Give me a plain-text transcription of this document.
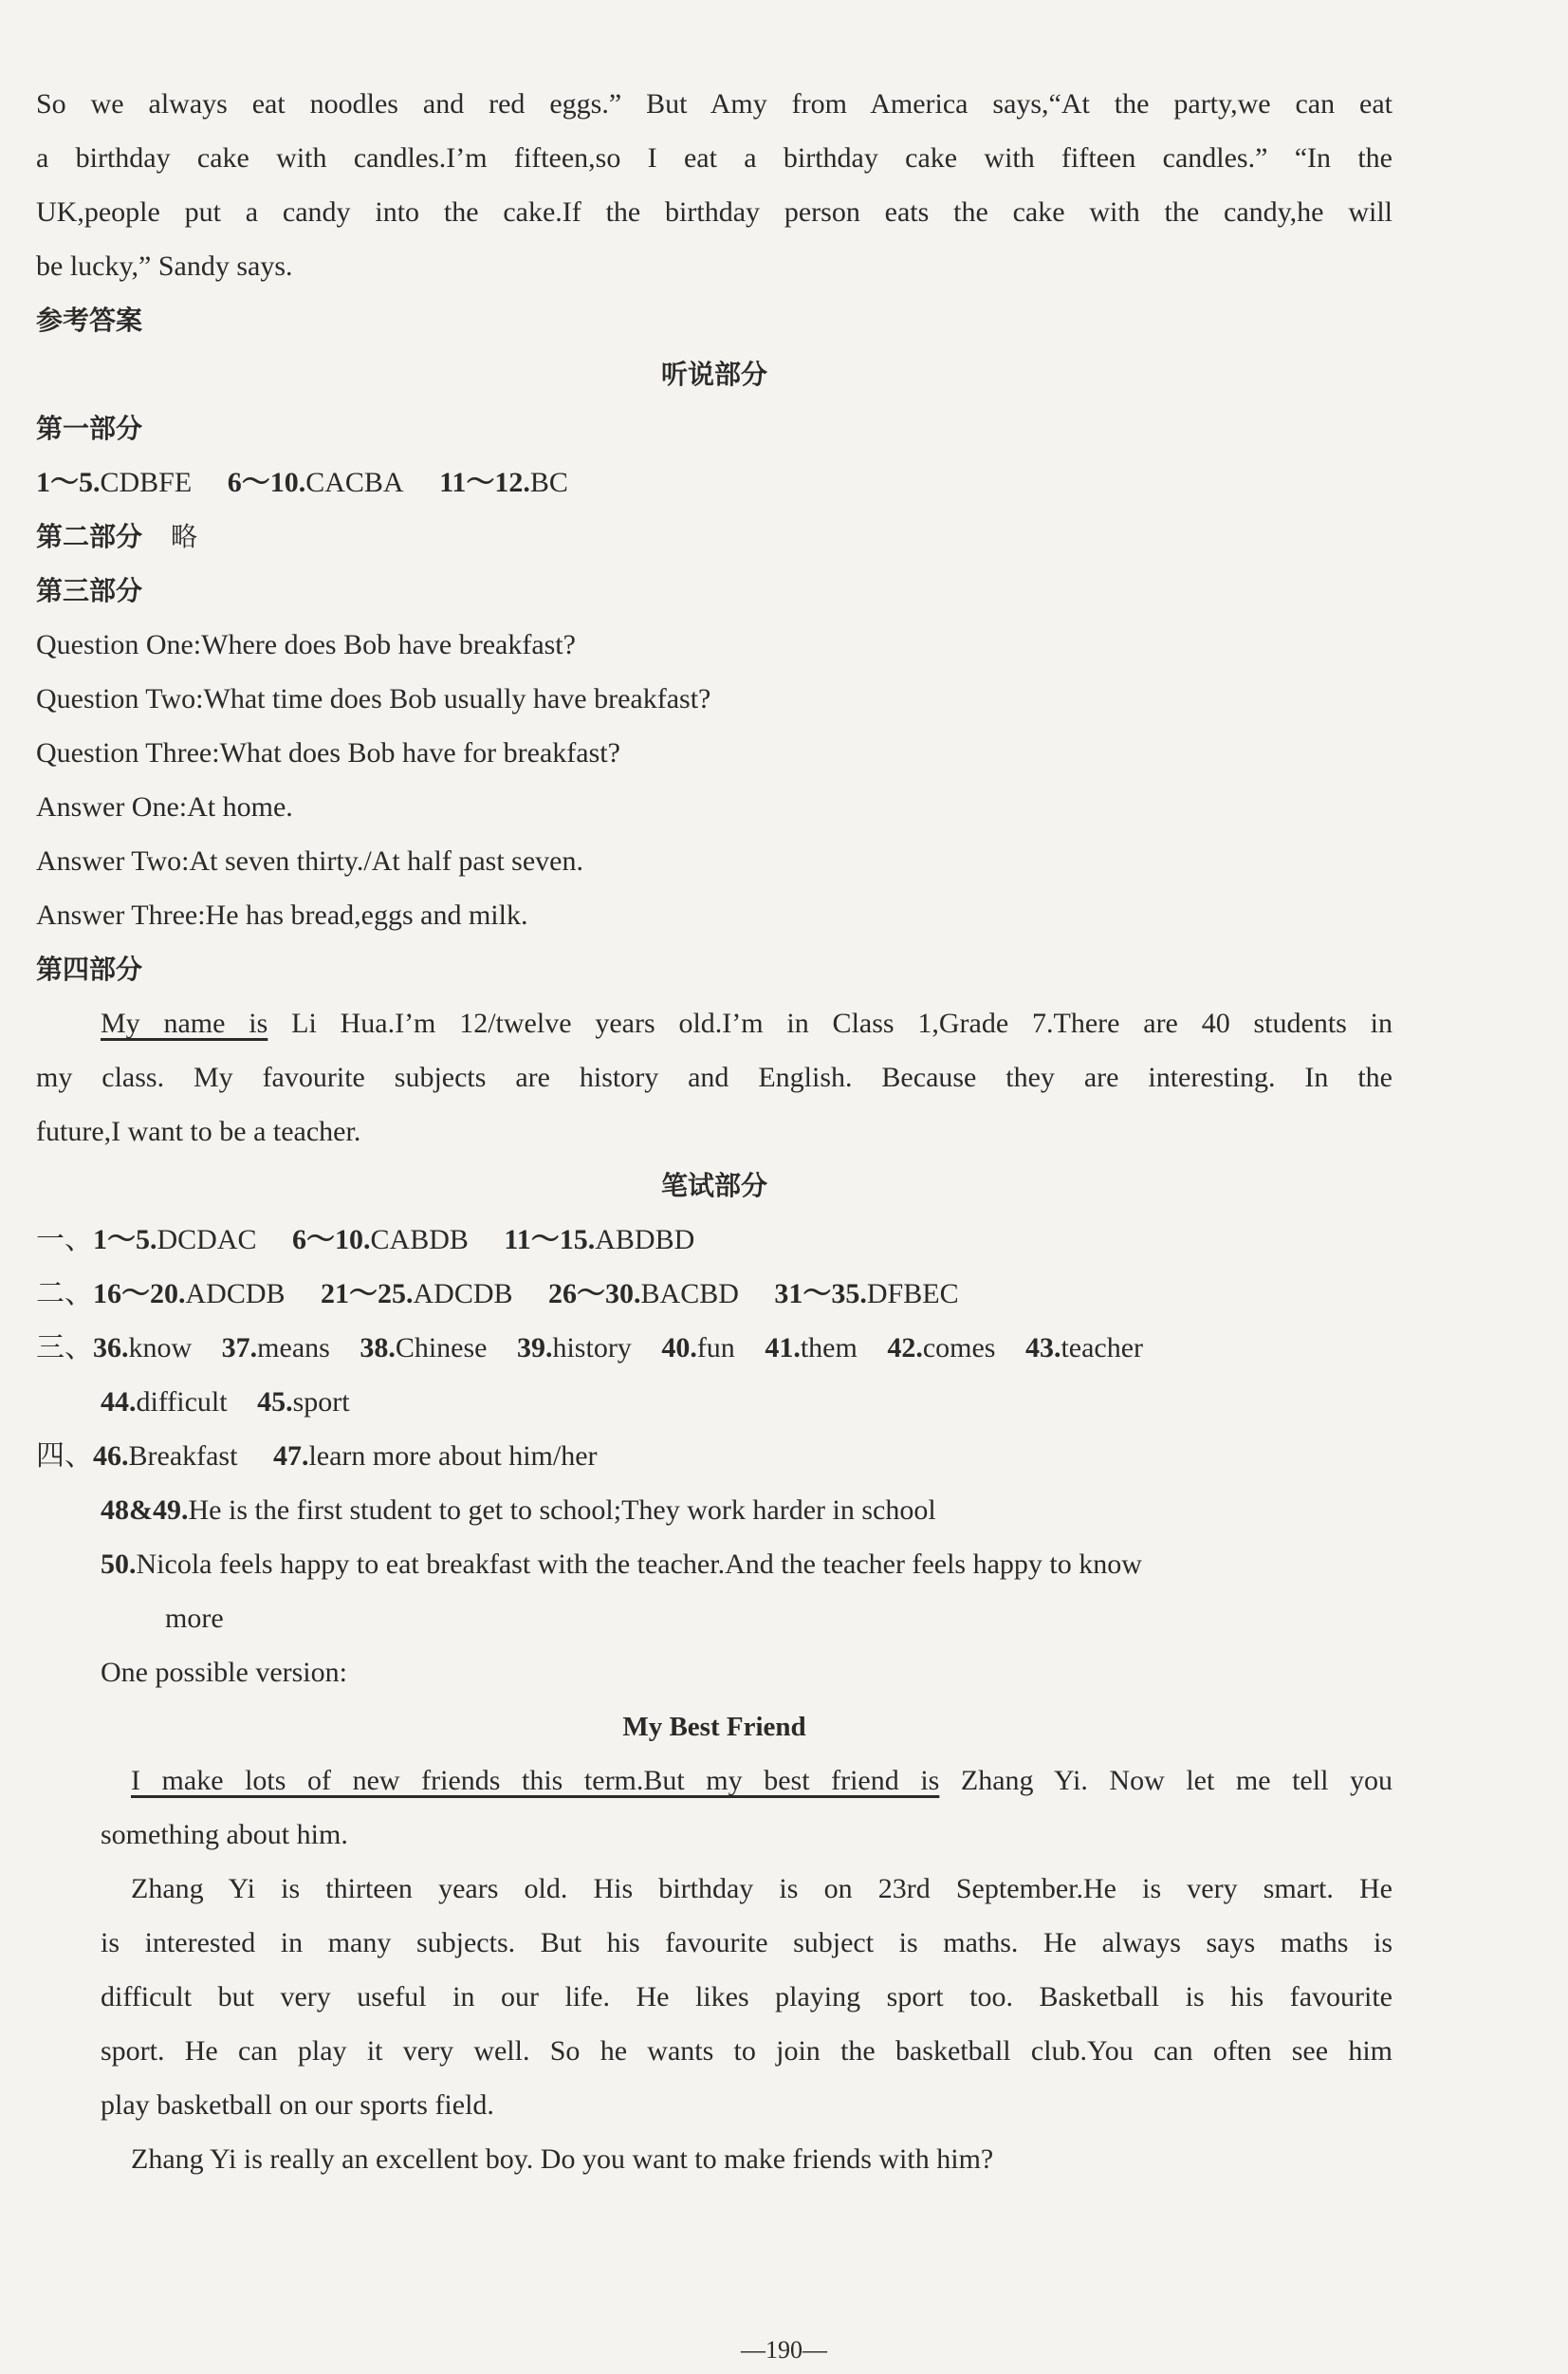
So we always eat noodles and red eggs.” But Amy from America says,“At the party,we can eat
a birthday cake with candles.I’m fifteen,so I eat a birthday cake with fifteen candles.” “In the
UK,people put a candy into the cake.If the birthday person eats the cake with the candy,he will
be lucky,” Sandy says.
参考答案
听说部分
第一部分
1～5.CDBFE 6～10.CACBA 11～12.BC
第二部分 略
第三部分
Question One:Where does Bob have breakfast?
Question Two:What time does Bob usually have breakfast?
Question Three:What does Bob have for breakfast?
Answer One:At home.
Answer Two:At seven thirty./At half past seven.
Answer Three:He has bread,eggs and milk.
第四部分
My name is Li Hua.I’m 12/twelve years old.I’m in Class 1,Grade 7.There are 40 students in
my class. My favourite subjects are history and English. Because they are interesting. In the
future,I want to be a teacher.
笔试部分
一、1～5.DCDAC 6～10.CABDB 11～15.ABDBD
二、16～20.ADCDB 21～25.ADCDB 26～30.BACBD 31～35.DFBEC
三、36.know 37.means 38.Chinese 39.history 40.fun 41.them 42.comes 43.teacher
44.difficult 45.sport
四、46.Breakfast 47.learn more about him/her
48&49.He is the first student to get to school;They work harder in school
50.Nicola feels happy to eat breakfast with the teacher.And the teacher feels happy to know
more
One possible version:
My Best Friend
I make lots of new friends this term.But my best friend is Zhang Yi. Now let me tell you
something about him.
Zhang Yi is thirteen years old. His birthday is on 23rd September.He is very smart. He
is interested in many subjects. But his favourite subject is maths. He always says maths is
difficult but very useful in our life. He likes playing sport too. Basketball is his favourite
sport. He can play it very well. So he wants to join the basketball club.You can often see him
play basketball on our sports field.
Zhang Yi is really an excellent boy. Do you want to make friends with him?
—190—
